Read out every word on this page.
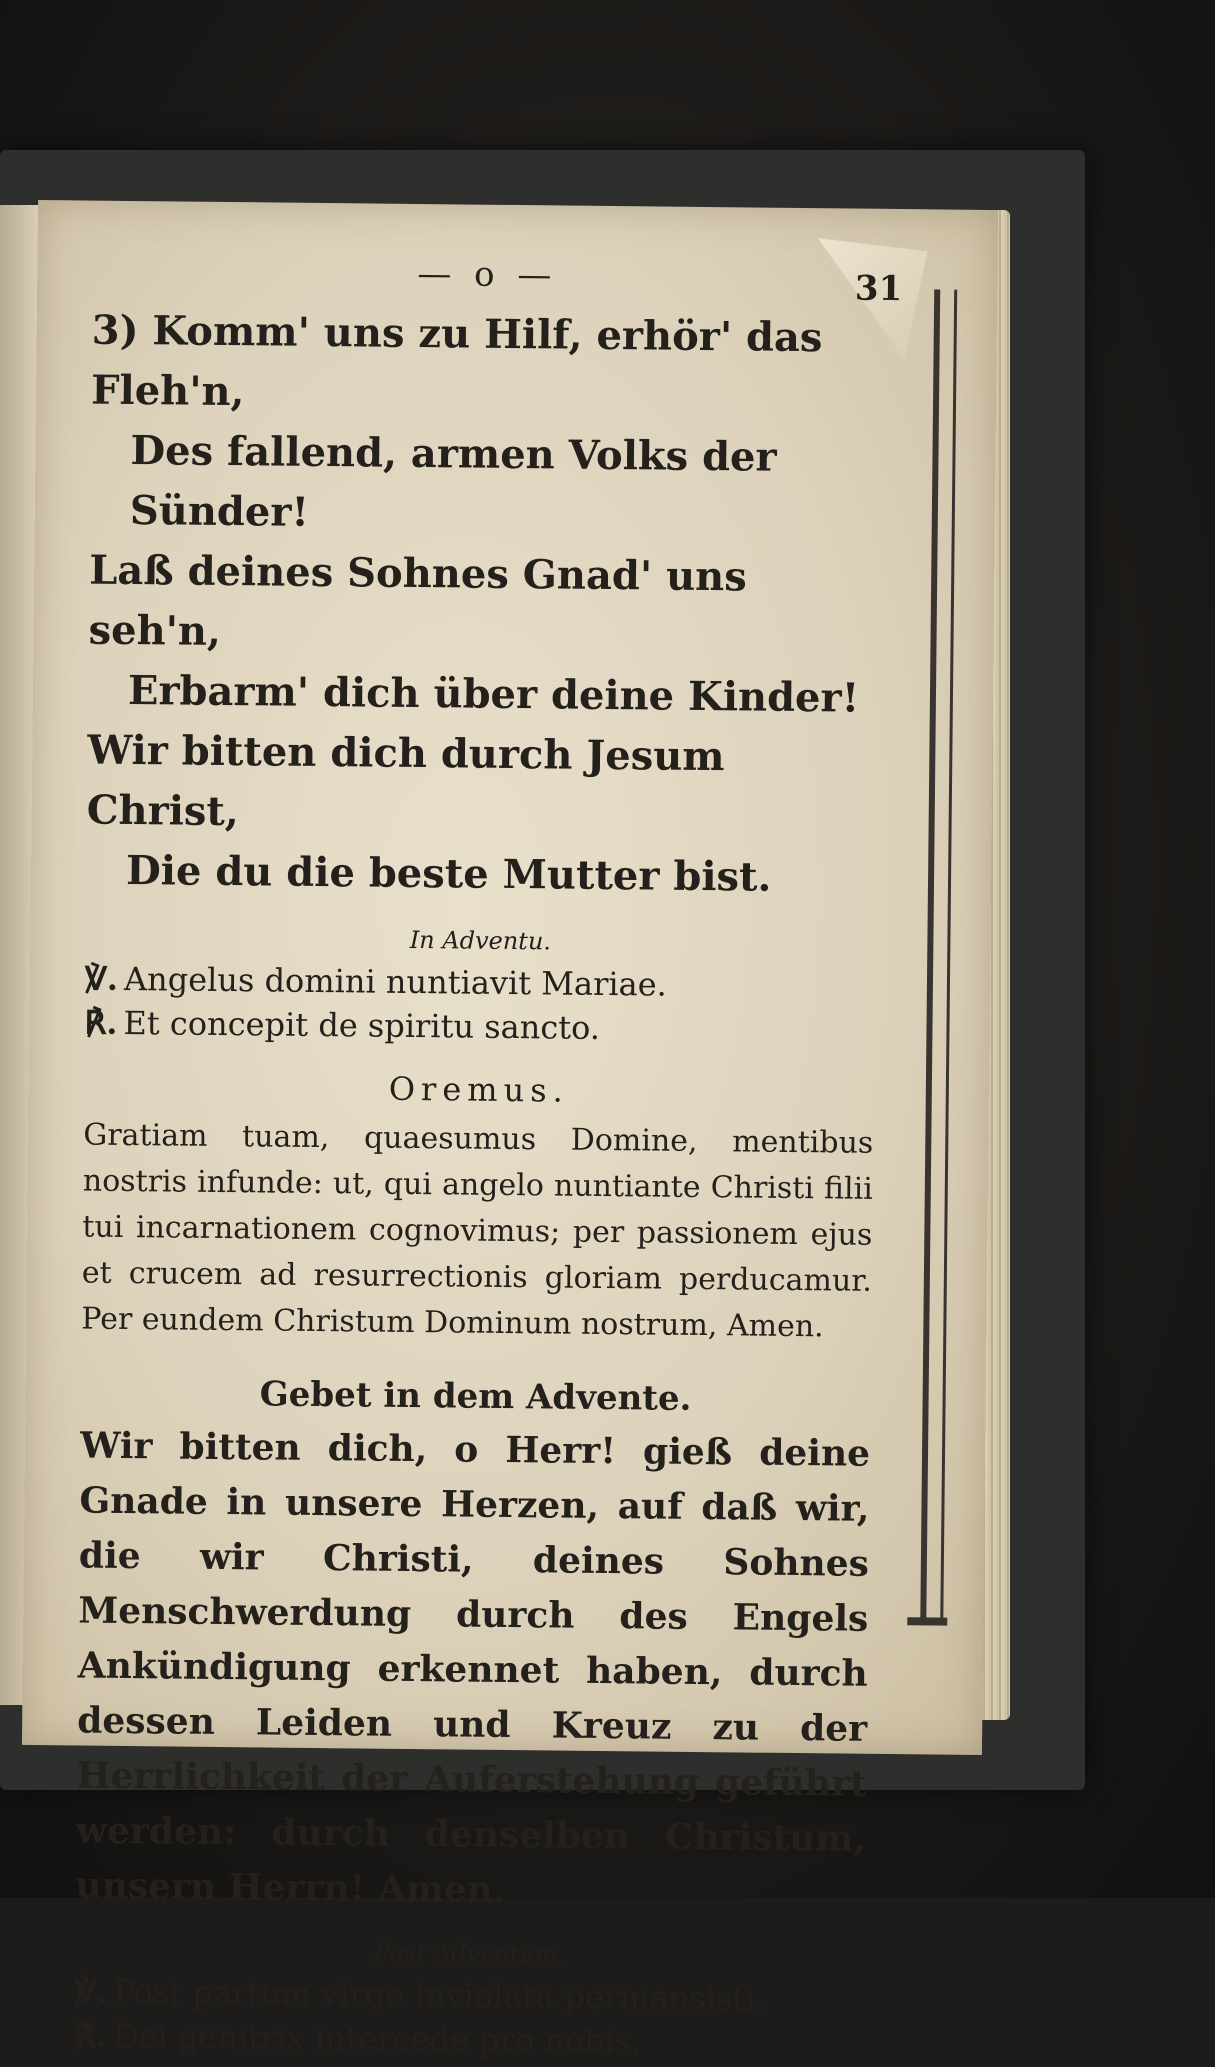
— o —	31

3) Komm' uns zu Hilf, erhör' das Fleh'n,

Des fallend, armen Volks der Sünder!

Laß deines Sohnes Gnad' uns seh'n,

Erbarm' dich über deine Kinder!

Wir bitten dich durch Jesum Christ,

Die du die beste Mutter bist.

In Adventu.

℣. Angelus domini nuntiavit Mariae.

℟. Et concepit de spiritu sancto.

Oremus.

Gratiam tuam, quaesumus Domine, mentibus nostris infunde: ut, qui angelo nuntiante Christi filii tui incarnationem cognovimus; per passionem ejus et crucem ad resurrectionis gloriam perducamur. Per eundem Christum Dominum nostrum, Amen.

Gebet in dem Advente.

Wir bitten dich, o Herr! gieß deine Gnade in unsere Herzen, auf daß wir, die wir Christi, deines Sohnes Menschwerdung durch des Engels Ankündigung erkennet haben, durch dessen Leiden und Kreuz zu der Herrlichkeit der Auferstehung geführt werden: durch denselben Christum, unsern Herrn! Amen.

Post Adventum.

℣. Post partum virgo inviolata permansisti.

℟. Dei genitrix intercede pro nobis.
